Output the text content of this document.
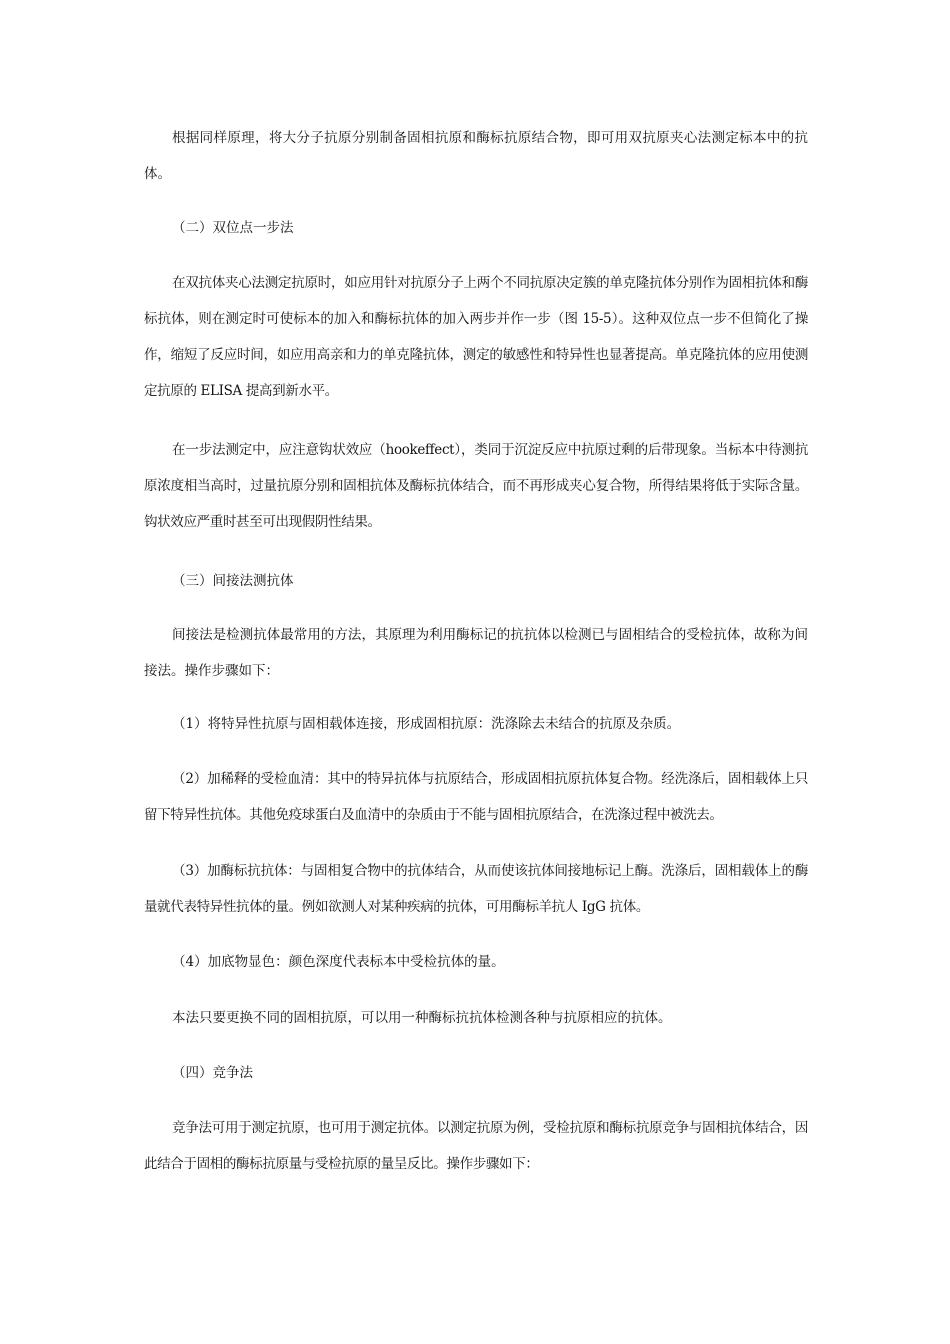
根据同样原理，将大分子抗原分别制备固相抗原和酶标抗原结合物，即可用双抗原夹心法测定标本中的抗体。

（二）双位点一步法

在双抗体夹心法测定抗原时，如应用针对抗原分子上两个不同抗原决定簇的单克隆抗体分别作为固相抗体和酶标抗体，则在测定时可使标本的加入和酶标抗体的加入两步并作一步（图 15-5）。这种双位点一步不但简化了操作，缩短了反应时间，如应用高亲和力的单克隆抗体，测定的敏感性和特异性也显著提高。单克隆抗体的应用使测定抗原的 ELISA 提高到新水平。

在一步法测定中，应注意钩状效应（hookeffect），类同于沉淀反应中抗原过剩的后带现象。当标本中待测抗原浓度相当高时，过量抗原分别和固相抗体及酶标抗体结合，而不再形成夹心复合物，所得结果将低于实际含量。钩状效应严重时甚至可出现假阴性结果。

（三）间接法测抗体

间接法是检测抗体最常用的方法，其原理为利用酶标记的抗抗体以检测已与固相结合的受检抗体，故称为间接法。操作步骤如下：

（1）将特异性抗原与固相载体连接，形成固相抗原：洗涤除去未结合的抗原及杂质。

（2）加稀释的受检血清：其中的特异抗体与抗原结合，形成固相抗原抗体复合物。经洗涤后，固相载体上只留下特异性抗体。其他免疫球蛋白及血清中的杂质由于不能与固相抗原结合，在洗涤过程中被洗去。

（3）加酶标抗抗体：与固相复合物中的抗体结合，从而使该抗体间接地标记上酶。洗涤后，固相载体上的酶量就代表特异性抗体的量。例如欲测人对某种疾病的抗体，可用酶标羊抗人 IgG 抗体。

（4）加底物显色：颜色深度代表标本中受检抗体的量。

本法只要更换不同的固相抗原，可以用一种酶标抗抗体检测各种与抗原相应的抗体。

（四）竞争法

竞争法可用于测定抗原，也可用于测定抗体。以测定抗原为例，受检抗原和酶标抗原竞争与固相抗体结合，因此结合于固相的酶标抗原量与受检抗原的量呈反比。操作步骤如下：
